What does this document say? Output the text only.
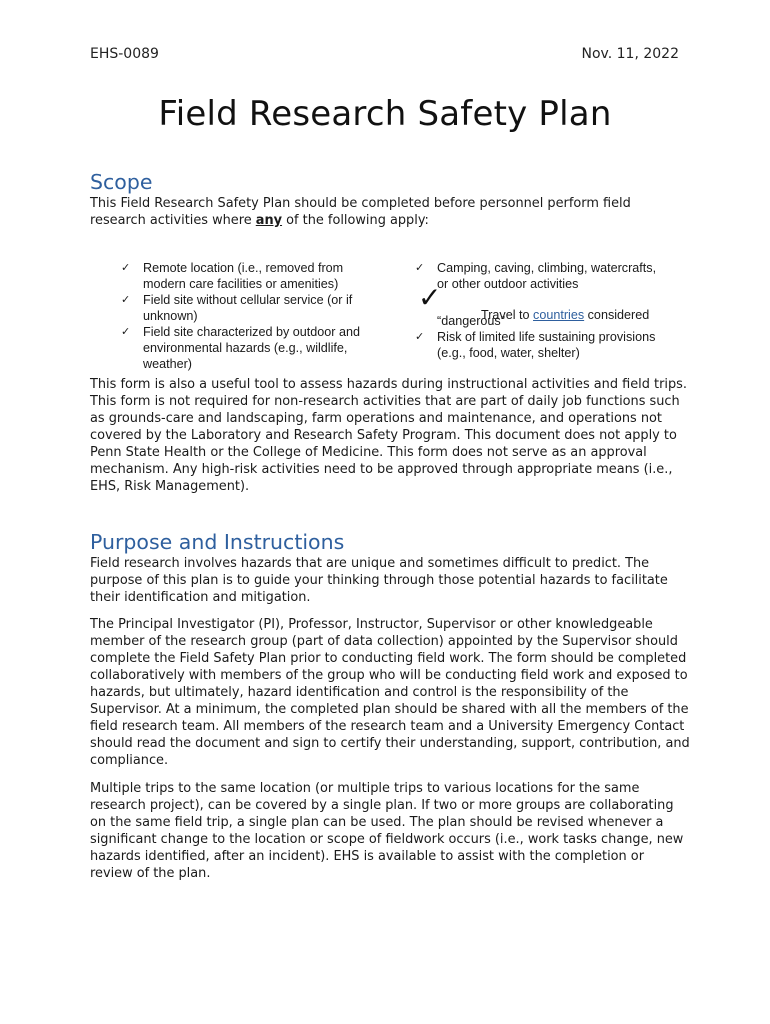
EHS-0089	Nov. 11, 2022
Field Research Safety Plan
Scope

This Field Research Safety Plan should be completed before personnel perform field research activities where any of the following apply:

✓ Remote location (i.e., removed from modern care facilities or amenities)
✓ Field site without cellular service (or if unknown)
✓ Field site characterized by outdoor and environmental hazards (e.g., wildlife, weather)
✓ Camping, caving, climbing, watercrafts, or other outdoor activities
✓
Travel to countries considered
“dangerous”
✓ Risk of limited life sustaining provisions (e.g., food, water, shelter)

This form is also a useful tool to assess hazards during instructional activities and field trips. This form is not required for non-research activities that are part of daily job functions such as grounds-care and landscaping, farm operations and maintenance, and operations not covered by the Laboratory and Research Safety Program. This document does not apply to Penn State Health or the College of Medicine. This form does not serve as an approval mechanism. Any high-risk activities need to be approved through appropriate means (i.e., EHS, Risk Management).

Purpose and Instructions

Field research involves hazards that are unique and sometimes difficult to predict. The purpose of this plan is to guide your thinking through those potential hazards to facilitate their identification and mitigation.

The Principal Investigator (PI), Professor, Instructor, Supervisor or other knowledgeable member of the research group (part of data collection) appointed by the Supervisor should complete the Field Safety Plan prior to conducting field work. The form should be completed collaboratively with members of the group who will be conducting field work and exposed to hazards, but ultimately, hazard identification and control is the responsibility of the Supervisor. At a minimum, the completed plan should be shared with all the members of the field research team. All members of the research team and a University Emergency Contact should read the document and sign to certify their understanding, support, contribution, and compliance.

Multiple trips to the same location (or multiple trips to various locations for the same research project), can be covered by a single plan. If two or more groups are collaborating on the same field trip, a single plan can be used. The plan should be revised whenever a significant change to the location or scope of fieldwork occurs (i.e., work tasks change, new hazards identified, after an incident). EHS is available to assist with the completion or review of the plan.
